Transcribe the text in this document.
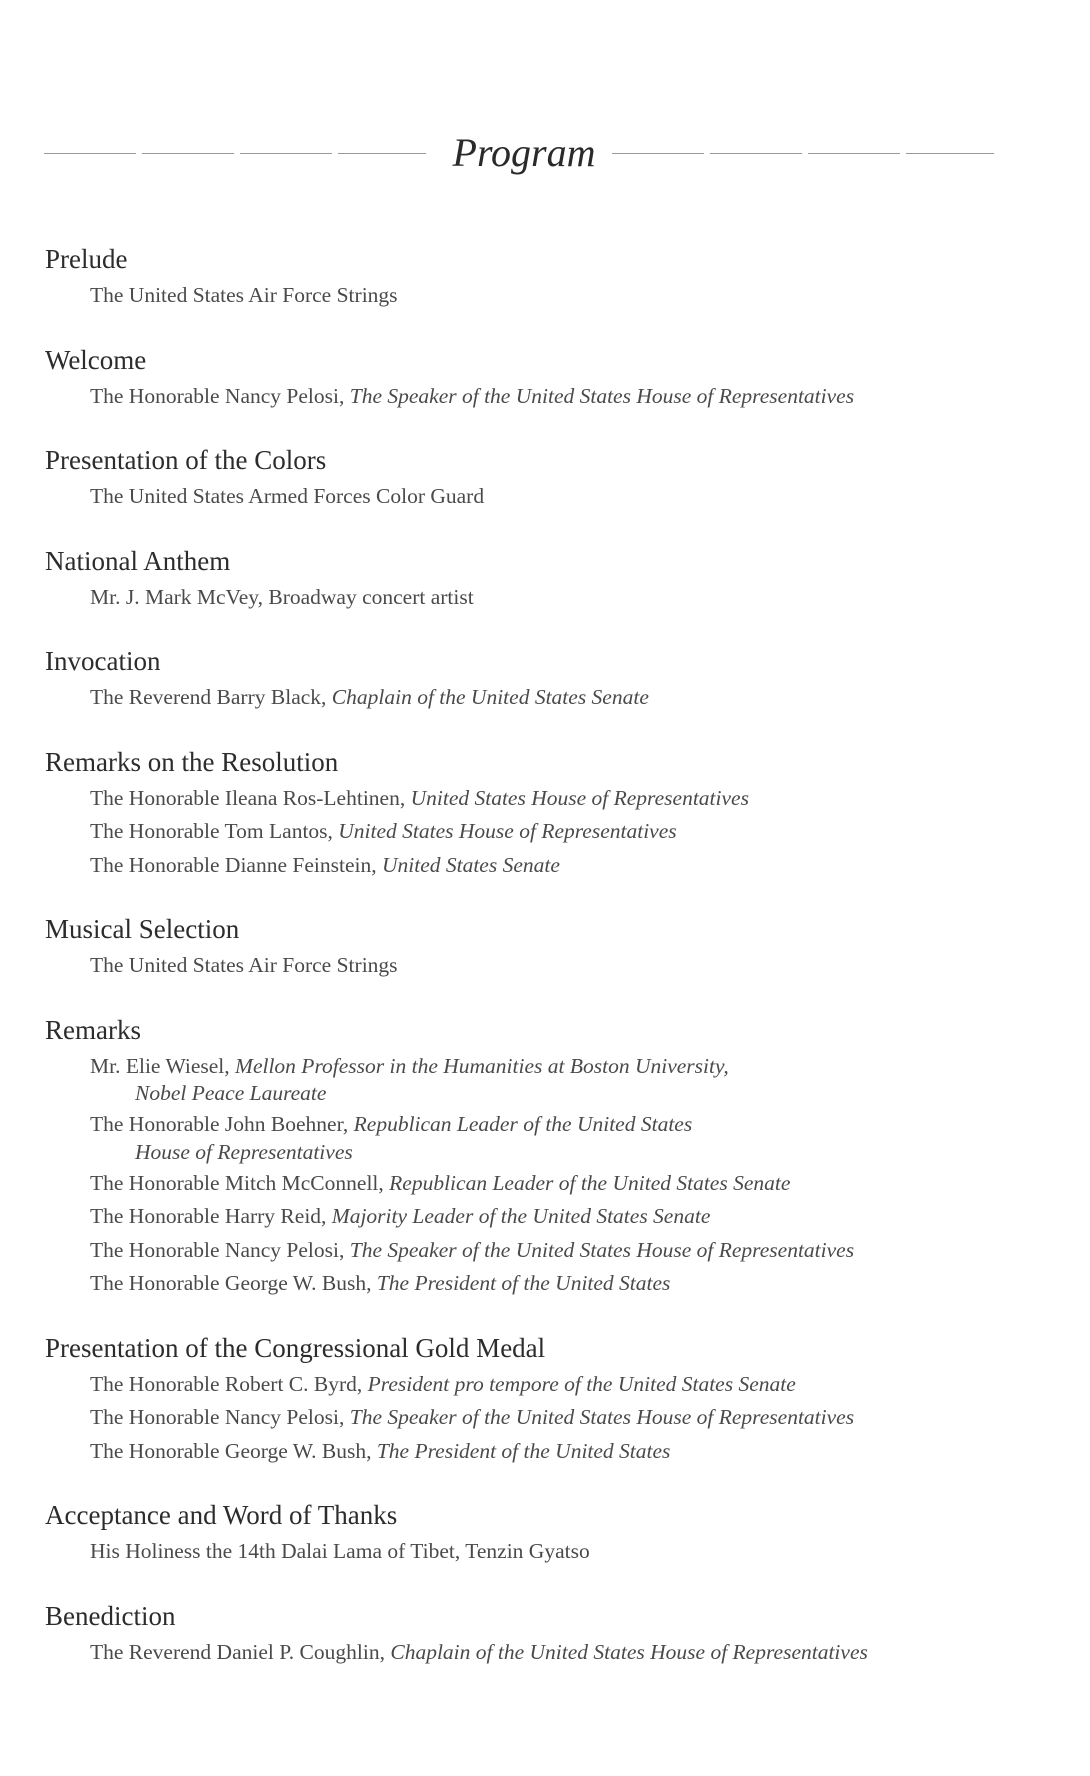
Program
Prelude
The United States Air Force Strings
Welcome
The Honorable Nancy Pelosi, The Speaker of the United States House of Representatives
Presentation of the Colors
The United States Armed Forces Color Guard
National Anthem
Mr. J. Mark McVey, Broadway concert artist
Invocation
The Reverend Barry Black, Chaplain of the United States Senate
Remarks on the Resolution
The Honorable Ileana Ros-Lehtinen, United States House of Representatives
The Honorable Tom Lantos, United States House of Representatives
The Honorable Dianne Feinstein, United States Senate
Musical Selection
The United States Air Force Strings
Remarks
Mr. Elie Wiesel, Mellon Professor in the Humanities at Boston University,
Nobel Peace Laureate
The Honorable John Boehner, Republican Leader of the United States
House of Representatives
The Honorable Mitch McConnell, Republican Leader of the United States Senate
The Honorable Harry Reid, Majority Leader of the United States Senate
The Honorable Nancy Pelosi, The Speaker of the United States House of Representatives
The Honorable George W. Bush, The President of the United States
Presentation of the Congressional Gold Medal
The Honorable Robert C. Byrd, President pro tempore of the United States Senate
The Honorable Nancy Pelosi, The Speaker of the United States House of Representatives
The Honorable George W. Bush, The President of the United States
Acceptance and Word of Thanks
His Holiness the 14th Dalai Lama of Tibet, Tenzin Gyatso
Benediction
The Reverend Daniel P. Coughlin, Chaplain of the United States House of Representatives
